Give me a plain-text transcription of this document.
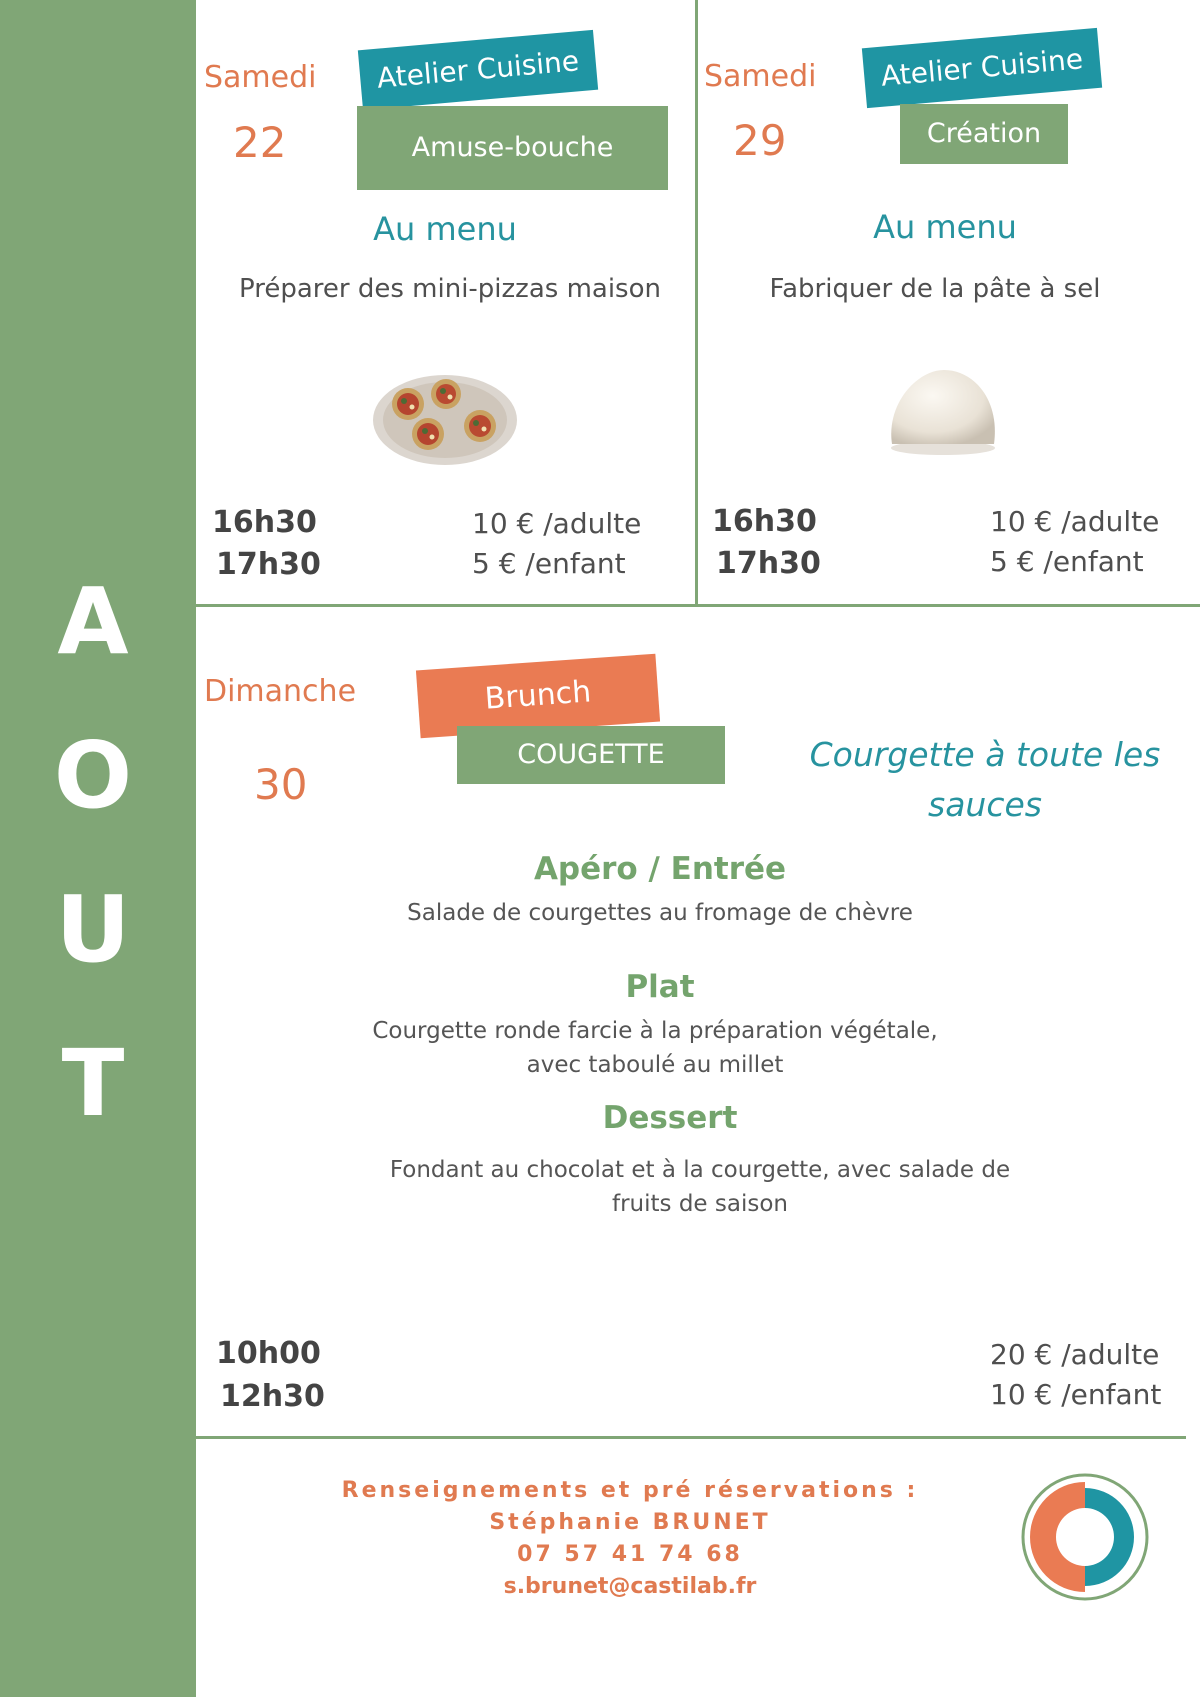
A
O
U
T
Samedi
22
Atelier Cuisine
Amuse-bouche
Au menu
Préparer des mini-pizzas maison
16h30
17h30
10 € /adulte
5 € /enfant
Samedi
29
Atelier Cuisine
Création
Au menu
Fabriquer de la pâte à sel
16h30
17h30
10 € /adulte
5 € /enfant
Dimanche
30
Brunch
COUGETTE	Courgette à toute les
sauces
Apéro / Entrée
Salade de courgettes au fromage de chèvre
Plat
Courgette ronde farcie à la préparation végétale,
avec taboulé au millet
Dessert
Fondant au chocolat et à la courgette, avec salade de
fruits de saison
10h00
12h30
20 € /adulte
10 € /enfant
Renseignements et pré réservations :
Stéphanie BRUNET
07 57 41 74 68
s.brunet@castilab.fr
